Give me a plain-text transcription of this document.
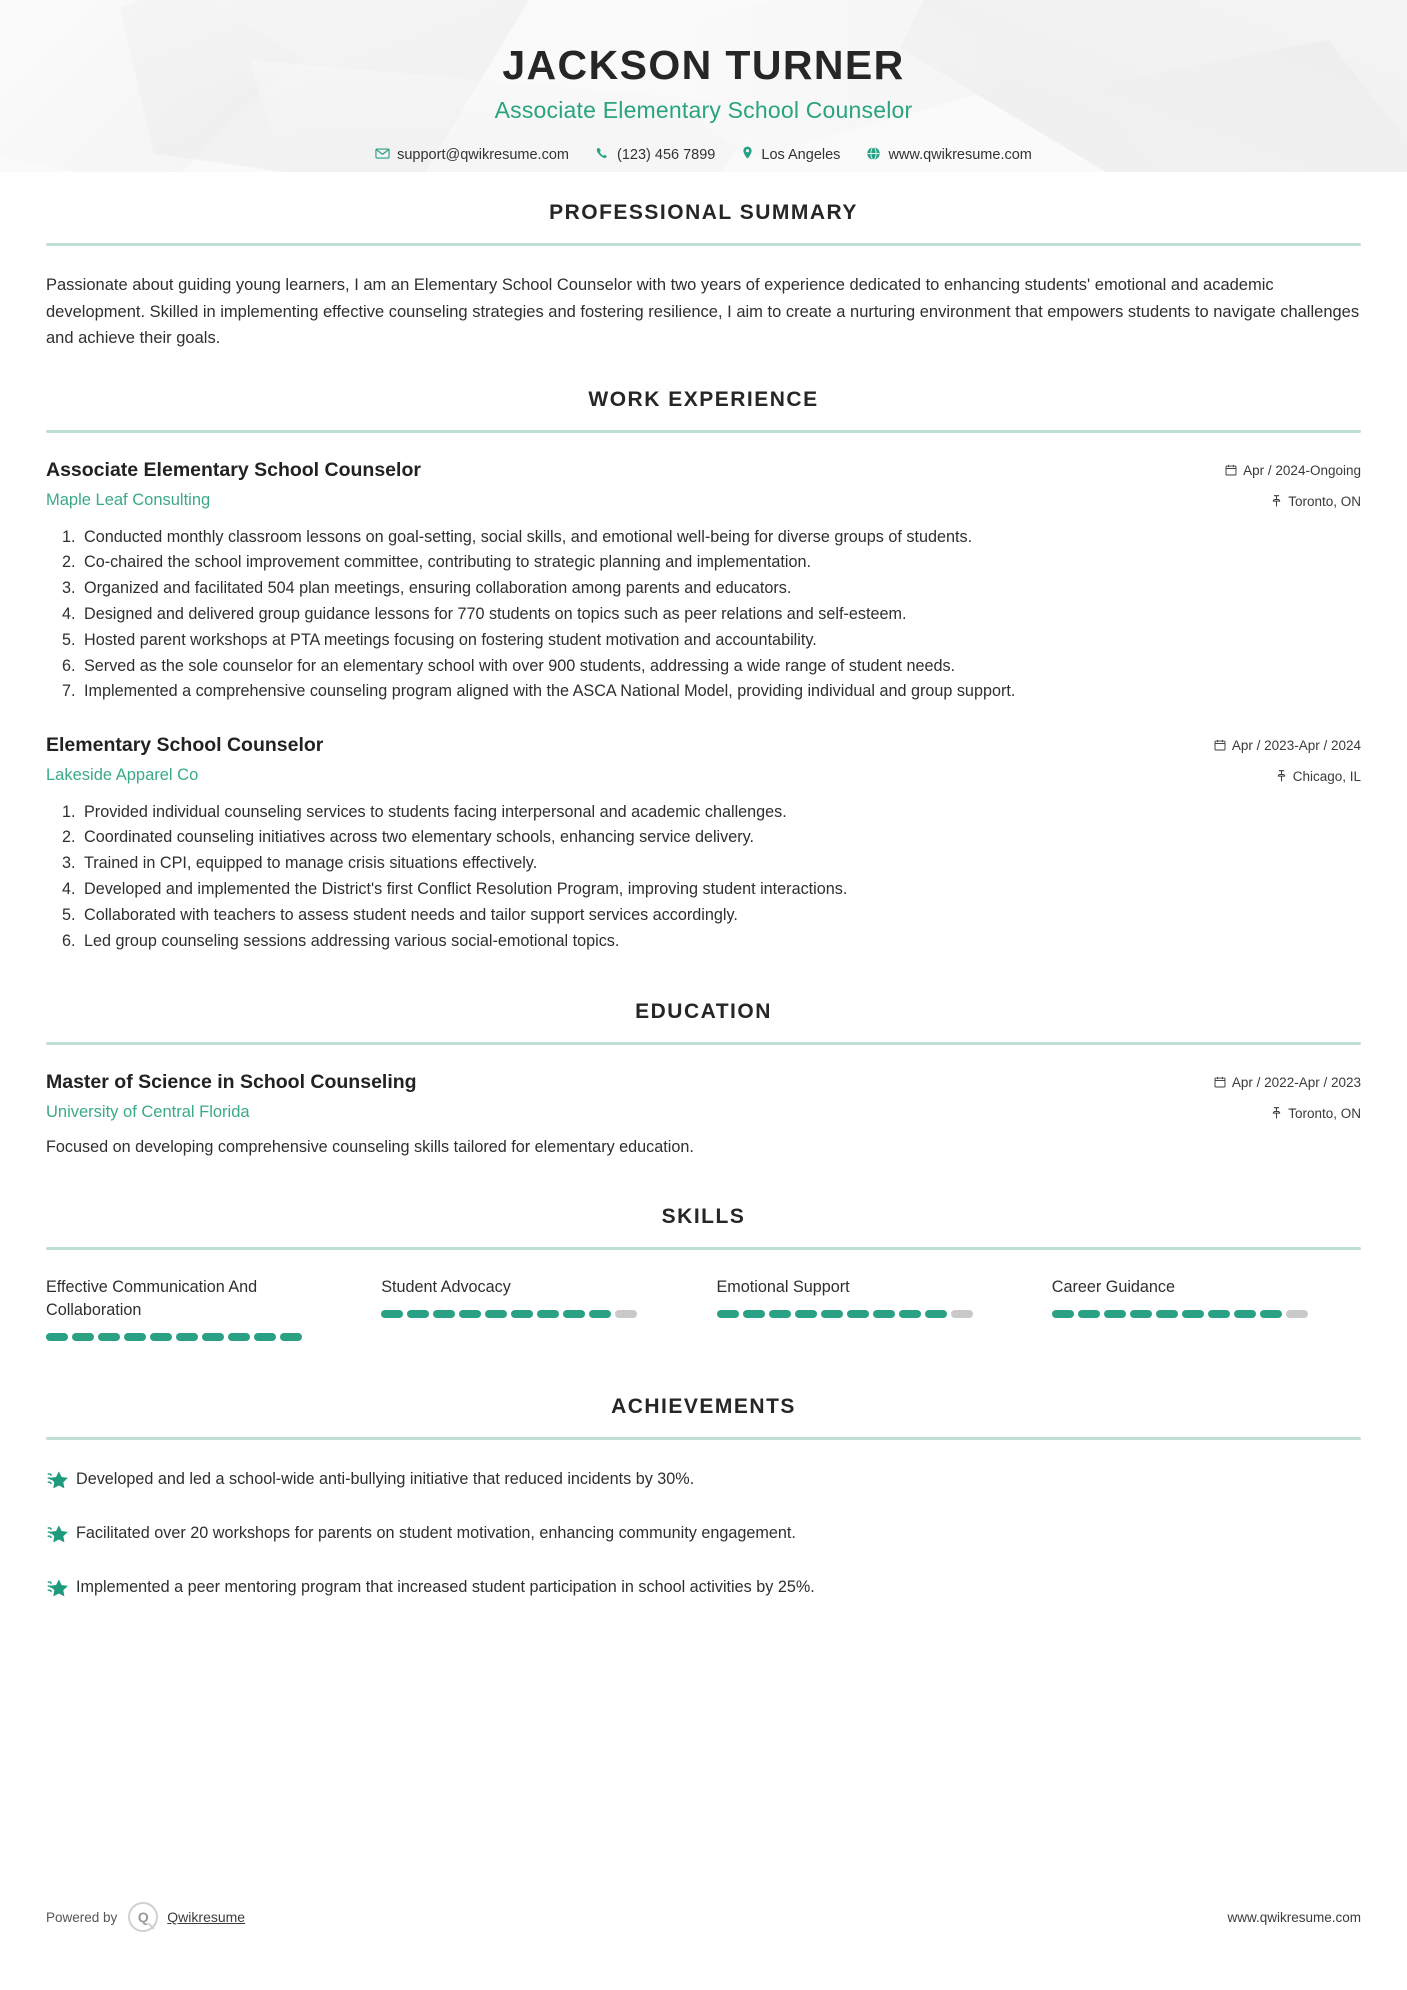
JACKSON TURNER
Associate Elementary School Counselor
support@qwikresume.com	(123) 456 7899	Los Angeles	www.qwikresume.com
PROFESSIONAL SUMMARY

Passionate about guiding young learners, I am an Elementary School Counselor with two years of experience dedicated to enhancing students' emotional and academic development. Skilled in implementing effective counseling strategies and fostering resilience, I aim to create a nurturing environment that empowers students to navigate challenges and achieve their goals.

WORK EXPERIENCE
Associate Elementary School Counselor
Maple Leaf Consulting
Apr / 2024-Ongoing
Toronto, ON
1. Conducted monthly classroom lessons on goal-setting, social skills, and emotional well-being for diverse groups of students.
2. Co-chaired the school improvement committee, contributing to strategic planning and implementation.
3. Organized and facilitated 504 plan meetings, ensuring collaboration among parents and educators.
4. Designed and delivered group guidance lessons for 770 students on topics such as peer relations and self-esteem.
5. Hosted parent workshops at PTA meetings focusing on fostering student motivation and accountability.
6. Served as the sole counselor for an elementary school with over 900 students, addressing a wide range of student needs.
7. Implemented a comprehensive counseling program aligned with the ASCA National Model, providing individual and group support.
Elementary School Counselor
Lakeside Apparel Co
Apr / 2023-Apr / 2024
Chicago, IL
1. Provided individual counseling services to students facing interpersonal and academic challenges.
2. Coordinated counseling initiatives across two elementary schools, enhancing service delivery.
3. Trained in CPI, equipped to manage crisis situations effectively.
4. Developed and implemented the District's first Conflict Resolution Program, improving student interactions.
5. Collaborated with teachers to assess student needs and tailor support services accordingly.
6. Led group counseling sessions addressing various social-emotional topics.
EDUCATION
Master of Science in School Counseling
University of Central Florida
Apr / 2022-Apr / 2023
Toronto, ON
Focused on developing comprehensive counseling skills tailored for elementary education.
SKILLS
Effective Communication And Collaboration
Student Advocacy	Emotional Support	Career Guidance
ACHIEVEMENTS
Developed and led a school-wide anti-bullying initiative that reduced incidents by 30%.
Facilitated over 20 workshops for parents on student motivation, enhancing community engagement.
Implemented a peer mentoring program that increased student participation in school activities by 25%.
Powered by	Q	Qwikresume	www.qwikresume.com
